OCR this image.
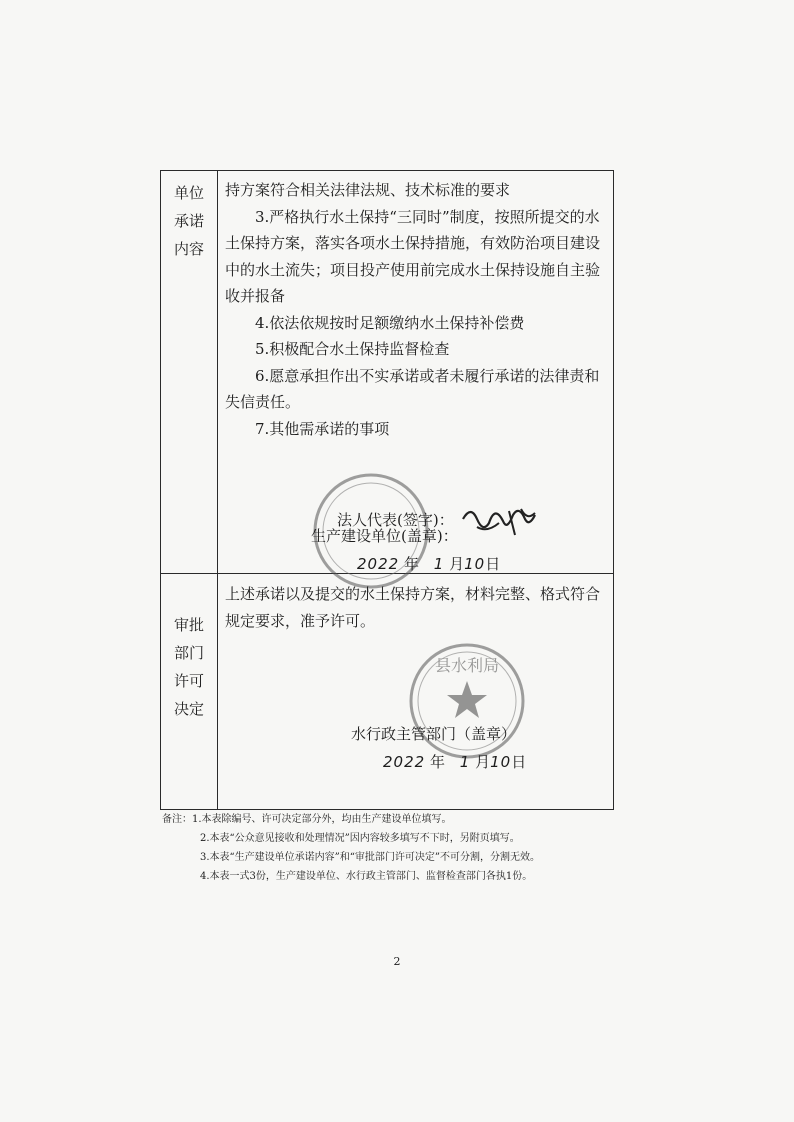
单位
承诺
内容

持方案符合相关法律法规、技术标准的要求

3.严格执行水土保持“三同时”制度，按照所提交的水土保持方案，落实各项水土保持措施，有效防治项目建设中的水土流失；项目投产使用前完成水土保持设施自主验收并报备

4.依法依规按时足额缴纳水土保持补偿费

5.积极配合水土保持监督检查

6.愿意承担作出不实承诺或者未履行承诺的法律责和失信责任。

7.其他需承诺的事项

法人代表(签字)：
生产建设单位(盖章)：
2022 年 1 月10日
审批
部门
许可
决定

上述承诺以及提交的水土保持方案，材料完整、格式符合规定要求，准予许可。

县水利局
水行政主管部门（盖章）
2022 年 1 月10日
备注：1.本表除编号、许可决定部分外，均由生产建设单位填写。
2.本表“公众意见接收和处理情况”因内容较多填写不下时，另附页填写。
3.本表“生产建设单位承诺内容”和“审批部门许可决定”不可分割，分割无效。
4.本表一式3份，生产建设单位、水行政主管部门、监督检查部门各执1份。
2
